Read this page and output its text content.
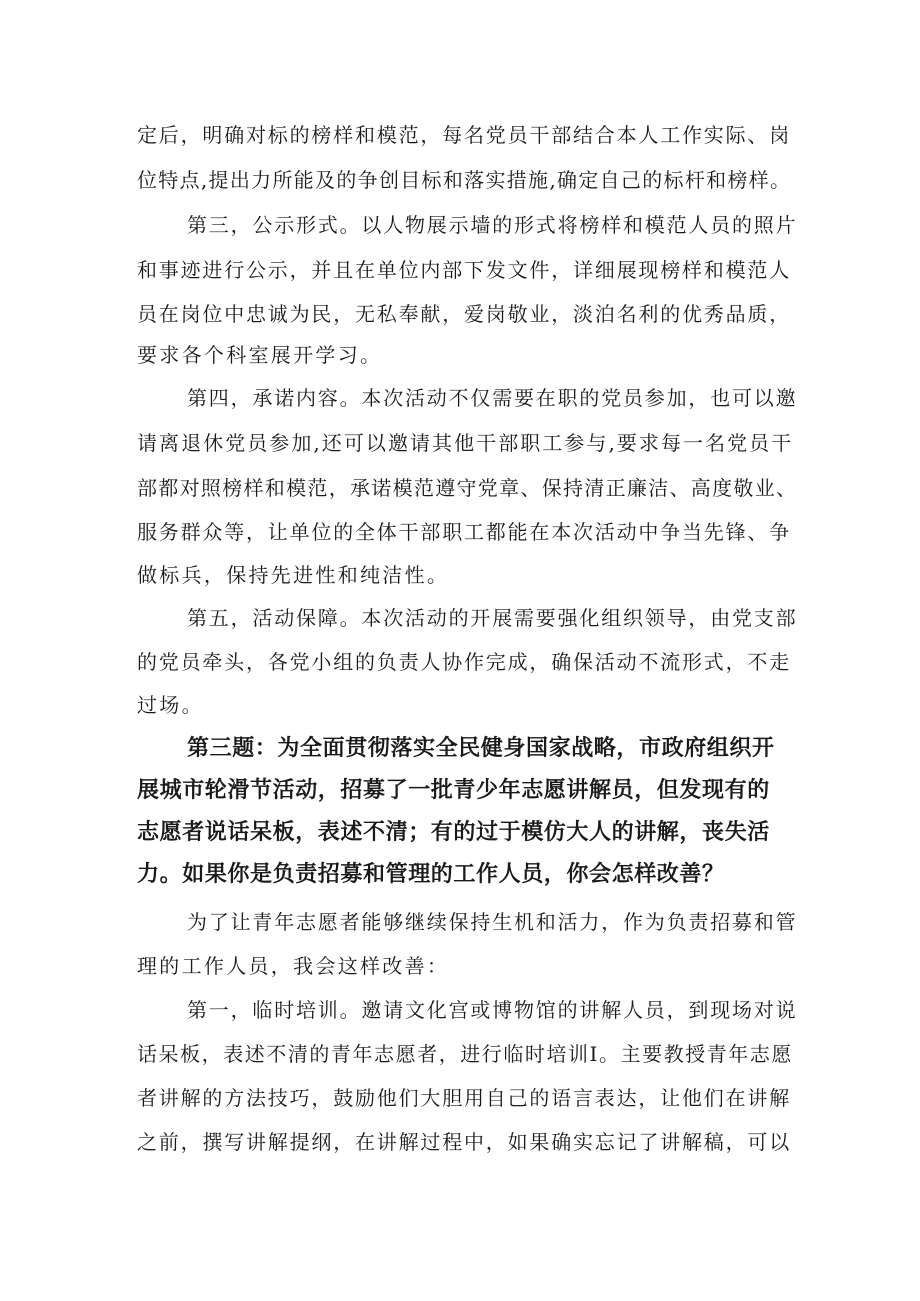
定后，明确对标的榜样和模范，每名党员干部结合本人工作实际、岗
位特点,提出力所能及的争创目标和落实措施,确定自己的标杆和榜样。
第三，公示形式。以人物展示墙的形式将榜样和模范人员的照片
和事迹进行公示，并且在单位内部下发文件，详细展现榜样和模范人
员在岗位中忠诚为民，无私奉献，爱岗敬业，淡泊名利的优秀品质，
要求各个科室展开学习。
第四，承诺内容。本次活动不仅需要在职的党员参加，也可以邀
请离退休党员参加,还可以邀请其他干部职工参与,要求每一名党员干
部都对照榜样和模范，承诺模范遵守党章、保持清正廉洁、高度敬业、
服务群众等，让单位的全体干部职工都能在本次活动中争当先锋、争
做标兵，保持先进性和纯洁性。
第五，活动保障。本次活动的开展需要强化组织领导，由党支部
的党员牵头，各党小组的负责人协作完成，确保活动不流形式，不走
过场。
第三题：为全面贯彻落实全民健身国家战略，市政府组织开
展城市轮滑节活动，招募了一批青少年志愿讲解员，但发现有的
志愿者说话呆板，表述不清；有的过于模仿大人的讲解，丧失活
力。如果你是负责招募和管理的工作人员，你会怎样改善？
为了让青年志愿者能够继续保持生机和活力，作为负责招募和管
理的工作人员，我会这样改善：
第一，临时培训。邀请文化宫或博物馆的讲解人员，到现场对说
话呆板，表述不清的青年志愿者，进行临时培训Ⅰ。主要教授青年志愿
者讲解的方法技巧，鼓励他们大胆用自己的语言表达，让他们在讲解
之前，撰写讲解提纲，在讲解过程中，如果确实忘记了讲解稿，可以
